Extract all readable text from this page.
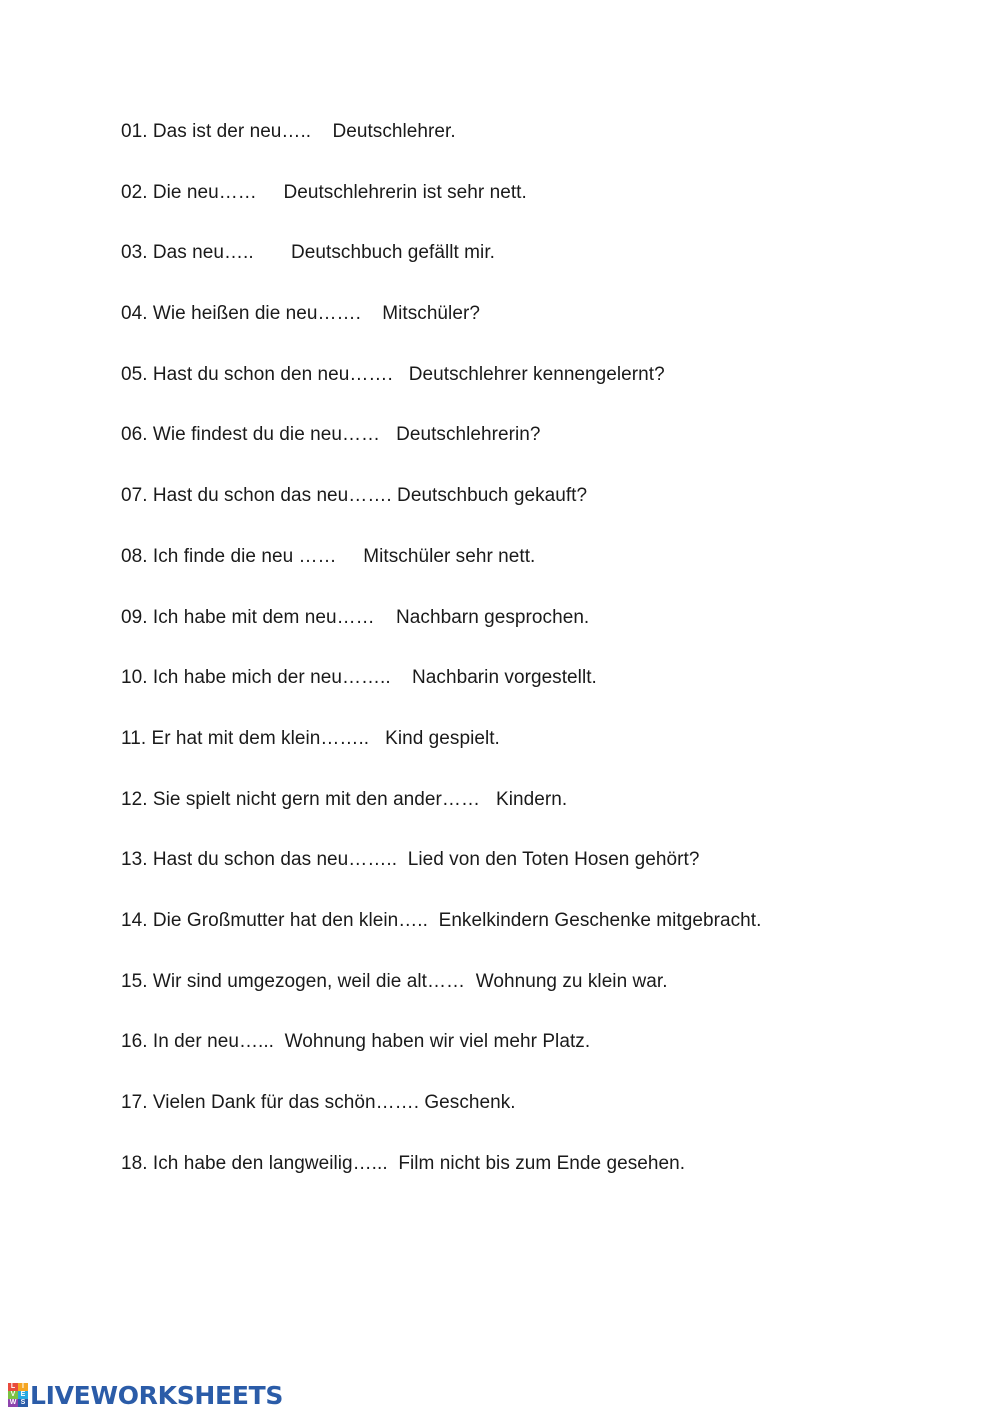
01. Das ist der neu…..    Deutschlehrer.
02. Die neu……     Deutschlehrerin ist sehr nett.
03. Das neu…..       Deutschbuch gefällt mir.
04. Wie heißen die neu…….    Mitschüler?
05. Hast du schon den neu…….   Deutschlehrer kennengelernt?
06. Wie findest du die neu……   Deutschlehrerin?
07. Hast du schon das neu……. Deutschbuch gekauft?
08. Ich finde die neu ……     Mitschüler sehr nett.
09. Ich habe mit dem neu……    Nachbarn gesprochen.
10. Ich habe mich der neu……..    Nachbarin vorgestellt.
11. Er hat mit dem klein……..   Kind gespielt.
12. Sie spielt nicht gern mit den ander……   Kindern.
13. Hast du schon das neu……..  Lied von den Toten Hosen gehört?
14. Die Großmutter hat den klein…..  Enkelkindern Geschenke mitgebracht.
15. Wir sind umgezogen, weil die alt……  Wohnung zu klein war.
16. In der neu…...  Wohnung haben wir viel mehr Platz.
17. Vielen Dank für das schön……. Geschenk.
18. Ich habe den langweilig…...  Film nicht bis zum Ende gesehen.
L I
V E
W S LIVEWORKSHEETS
